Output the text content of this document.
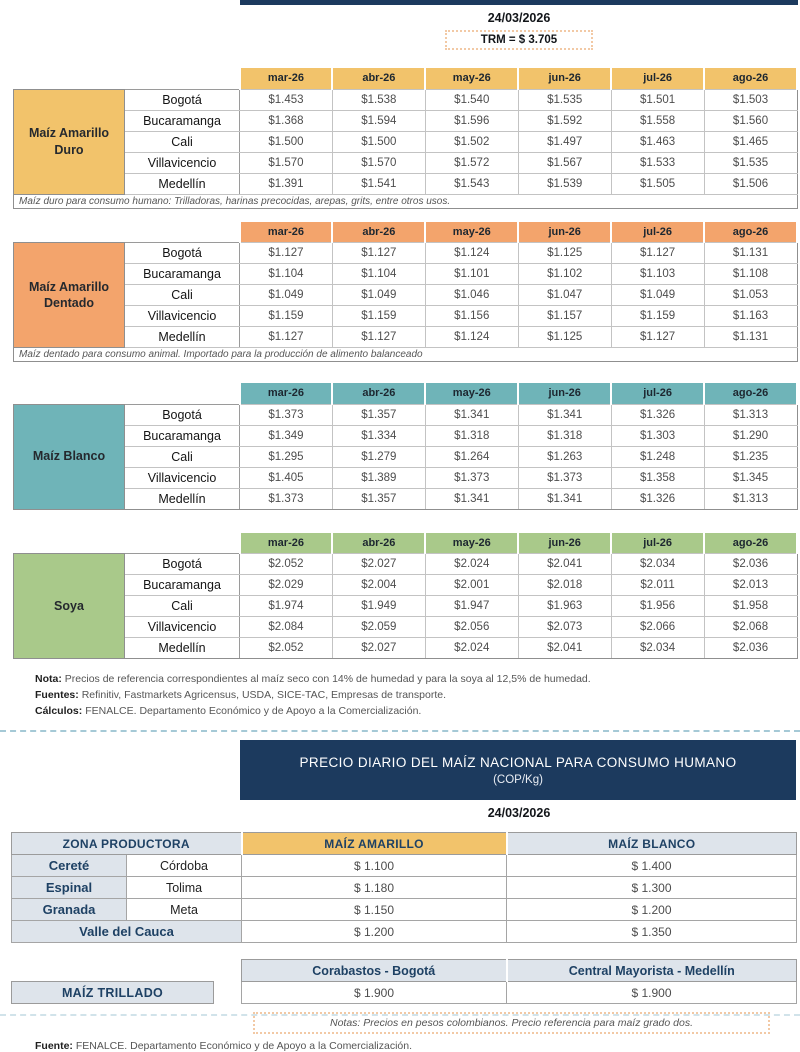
24/03/2026
TRM = $ 3.705
		mar-26	abr-26	may-26	jun-26	jul-26	ago-26
Maíz Amarillo Duro	Bogotá	$1.453	$1.538	$1.540	$1.535	$1.501	$1.503
	Bucaramanga	$1.368	$1.594	$1.596	$1.592	$1.558	$1.560
	Cali	$1.500	$1.500	$1.502	$1.497	$1.463	$1.465
	Villavicencio	$1.570	$1.570	$1.572	$1.567	$1.533	$1.535
	Medellín	$1.391	$1.541	$1.543	$1.539	$1.505	$1.506
Maíz duro para consumo humano: Trilladoras, harinas precocidas, arepas, grits, entre otros usos.							
		mar-26	abr-26	may-26	jun-26	jul-26	ago-26
Maíz Amarillo Dentado	Bogotá	$1.127	$1.127	$1.124	$1.125	$1.127	$1.131
	Bucaramanga	$1.104	$1.104	$1.101	$1.102	$1.103	$1.108
	Cali	$1.049	$1.049	$1.046	$1.047	$1.049	$1.053
	Villavicencio	$1.159	$1.159	$1.156	$1.157	$1.159	$1.163
	Medellín	$1.127	$1.127	$1.124	$1.125	$1.127	$1.131
Maíz dentado para consumo animal. Importado para la producción de alimento balanceado							
		mar-26	abr-26	may-26	jun-26	jul-26	ago-26
Maíz Blanco	Bogotá	$1.373	$1.357	$1.341	$1.341	$1.326	$1.313
	Bucaramanga	$1.349	$1.334	$1.318	$1.318	$1.303	$1.290
	Cali	$1.295	$1.279	$1.264	$1.263	$1.248	$1.235
	Villavicencio	$1.405	$1.389	$1.373	$1.373	$1.358	$1.345
	Medellín	$1.373	$1.357	$1.341	$1.341	$1.326	$1.313
		mar-26	abr-26	may-26	jun-26	jul-26	ago-26
Soya	Bogotá	$2.052	$2.027	$2.024	$2.041	$2.034	$2.036
	Bucaramanga	$2.029	$2.004	$2.001	$2.018	$2.011	$2.013
	Cali	$1.974	$1.949	$1.947	$1.963	$1.956	$1.958
	Villavicencio	$2.084	$2.059	$2.056	$2.073	$2.066	$2.068
	Medellín	$2.052	$2.027	$2.024	$2.041	$2.034	$2.036
Nota: Precios de referencia correspondientes al maíz seco con 14% de humedad y para la soya al 12,5% de humedad.
Fuentes: Refinitiv, Fastmarkets Agricensus, USDA, SICE-TAC, Empresas de transporte.
Cálculos: FENALCE. Departamento Económico y de Apoyo a la Comercialización.
PRECIO DIARIO DEL MAÍZ NACIONAL PARA CONSUMO HUMANO
(COP/Kg)
24/03/2026
ZONA PRODUCTORA		MAÍZ AMARILLO	MAÍZ BLANCO
Cereté	Córdoba	$ 1.100	$ 1.400
Espinal	Tolima	$ 1.180	$ 1.300
Granada	Meta	$ 1.150	$ 1.200
Valle del Cauca		$ 1.200	$ 1.350
		Corabastos - Bogotá	Central Mayorista - Medellín
MAÍZ TRILLADO		$ 1.900	$ 1.900
Notas: Precios en pesos colombianos. Precio referencia para maíz grado dos.
Fuente: FENALCE. Departamento Económico y de Apoyo a la Comercialización.
